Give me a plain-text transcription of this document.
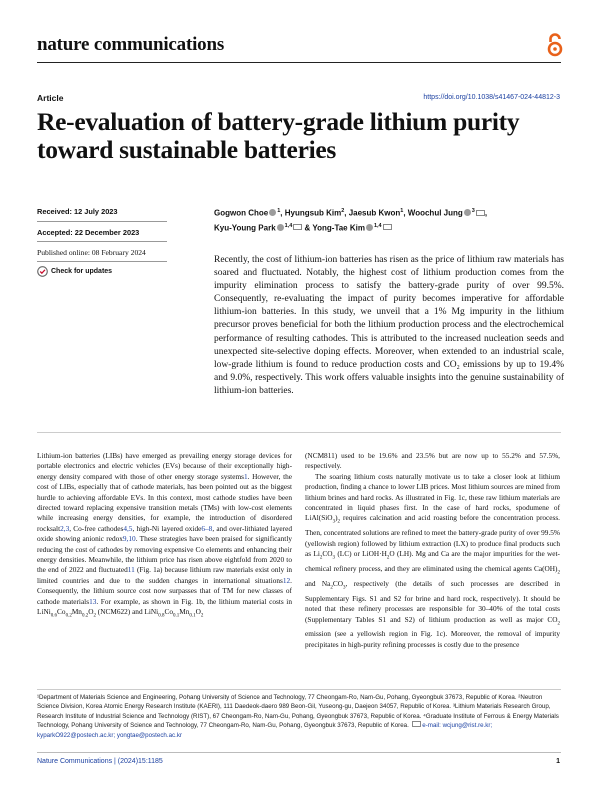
nature communications
Article	https://doi.org/10.1038/s41467-024-44812-3
Re-evaluation of battery-grade lithium purity toward sustainable batteries
Received: 12 July 2023
Accepted: 22 December 2023
Published online: 08 February 2024
Check for updates
Gogwon Choe $^1$, Hyungsub Kim$^2$, Jaesub Kwon$^1$, Woochul Jung $^3$ ,
Kyu-Young Park $^{1,4}$ & Yong-Tae Kim $^{1,4}$
Recently, the cost of lithium-ion batteries has risen as the price of lithium raw materials has soared and fluctuated. Notably, the highest cost of lithium production comes from the impurity elimination process to satisfy the battery-grade purity of over 99.5%. Consequently, re-evaluating the impact of purity becomes imperative for affordable lithium-ion batteries. In this study, we unveil that a 1% Mg impurity in the lithium precursor proves beneficial for both the lithium production process and the electrochemical performance of resulting cathodes. This is attributed to the increased nucleation seeds and unexpected site-selective doping effects. Moreover, when extended to an industrial scale, low-grade lithium is found to reduce production costs and CO₂ emissions by up to 19.4% and 9.0%, respectively. This work offers valuable insights into the genuine sustainability of lithium-ion batteries.

Lithium-ion batteries (LIBs) have emerged as prevailing energy storage devices for portable electronics and electric vehicles (EVs) because of their exceptionally high-energy density compared with those of other energy storage systems1. However, the cost of LIBs, especially that of cathode materials, has been pointed out as the biggest hurdle to achieving affordable EVs. In this context, most cathode studies have been directed toward replacing expensive transition metals (TMs) with low-cost elements while increasing energy densities, for example, the introduction of disordered rocksalt2,3, Co-free cathodes4,5, high-Ni layered oxide6–8, and over-lithiated layered oxide showing anionic redox9,10. These strategies have been praised for significantly reducing the cost of cathodes by removing expensive Co elements and enhancing their energy densities. Meanwhile, the lithium price has risen above eightfold from 2020 to the end of 2022 and fluctuated11 (Fig. 1a) because lithium raw materials exist only in limited countries and due to the sudden changes in international situations12. Consequently, the lithium source cost now surpasses that of TM for new classes of cathode materials13. For example, as shown in Fig. 1b, the lithium material costs in $LiNi_{0.6}Co_{0.2}Mn_{0.2}O_2$ (NCM622) and $LiNi_{0.8}Co_{0.1}Mn_{0.1}O_2$

(NCM811) used to be 19.6% and 23.5% but are now up to 55.2% and 57.5%, respectively.

The soaring lithium costs naturally motivate us to take a closer look at lithium production, finding a chance to lower LIB prices. Most lithium sources are mined from lithium brines and hard rocks. As illustrated in Fig. 1c, these raw lithium materials are concentrated in liquid phases first. In the case of hard rocks, spodumene of $LiAl(SiO_3)_2$ requires calcination and acid roasting before the concentration process. Then, concentrated solutions are refined to meet the battery-grade purity of over 99.5% (yellowish region) followed by lithium extraction (LX) to produce final products such as $Li_2CO_3$ (LC) or $LiOH\cdot H_2O$ (LH). Mg and Ca are the major impurities for the wet-chemical refinery process, and they are eliminated using the chemical agents $Ca(OH)_2$ and $Na_2CO_3$, respectively (the details of such processes are described in Supplementary Figs. S1 and S2 for brine and hard rock, respectively). It should be noted that these refinery processes are responsible for 30–40% of the total costs (Supplementary Tables S1 and S2) of lithium production as well as major $CO_2$ emission (see a yellowish region in Fig. 1c). Moreover, the removal of impurity precipitates in high-purity refining processes is costly due to the presence

¹Department of Materials Science and Engineering, Pohang University of Science and Technology, 77 Cheongam-Ro, Nam-Gu, Pohang, Gyeongbuk 37673, Republic of Korea. ²Neutron Science Division, Korea Atomic Energy Research Institute (KAERI), 111 Daedeok-daero 989 Beon-Gil, Yuseong-gu, Daejeon 34057, Republic of Korea. ³Lithium Materials Research Group, Research Institute of Industrial Science and Technology (RIST), 67 Cheongam-Ro, Nam-Gu, Pohang, Gyeongbuk 37673, Republic of Korea. ⁴Graduate Institute of Ferrous & Energy Materials Technology, Pohang University of Science and Technology, 77 Cheongam-Ro, Nam-Gu, Pohang, Gyeongbuk 37673, Republic of Korea. e-mail: wcjung@rist.re.kr; kyparkO922@postech.ac.kr; yongtae@postech.ac.kr
Nature Communications | (2024)15:1185	1
